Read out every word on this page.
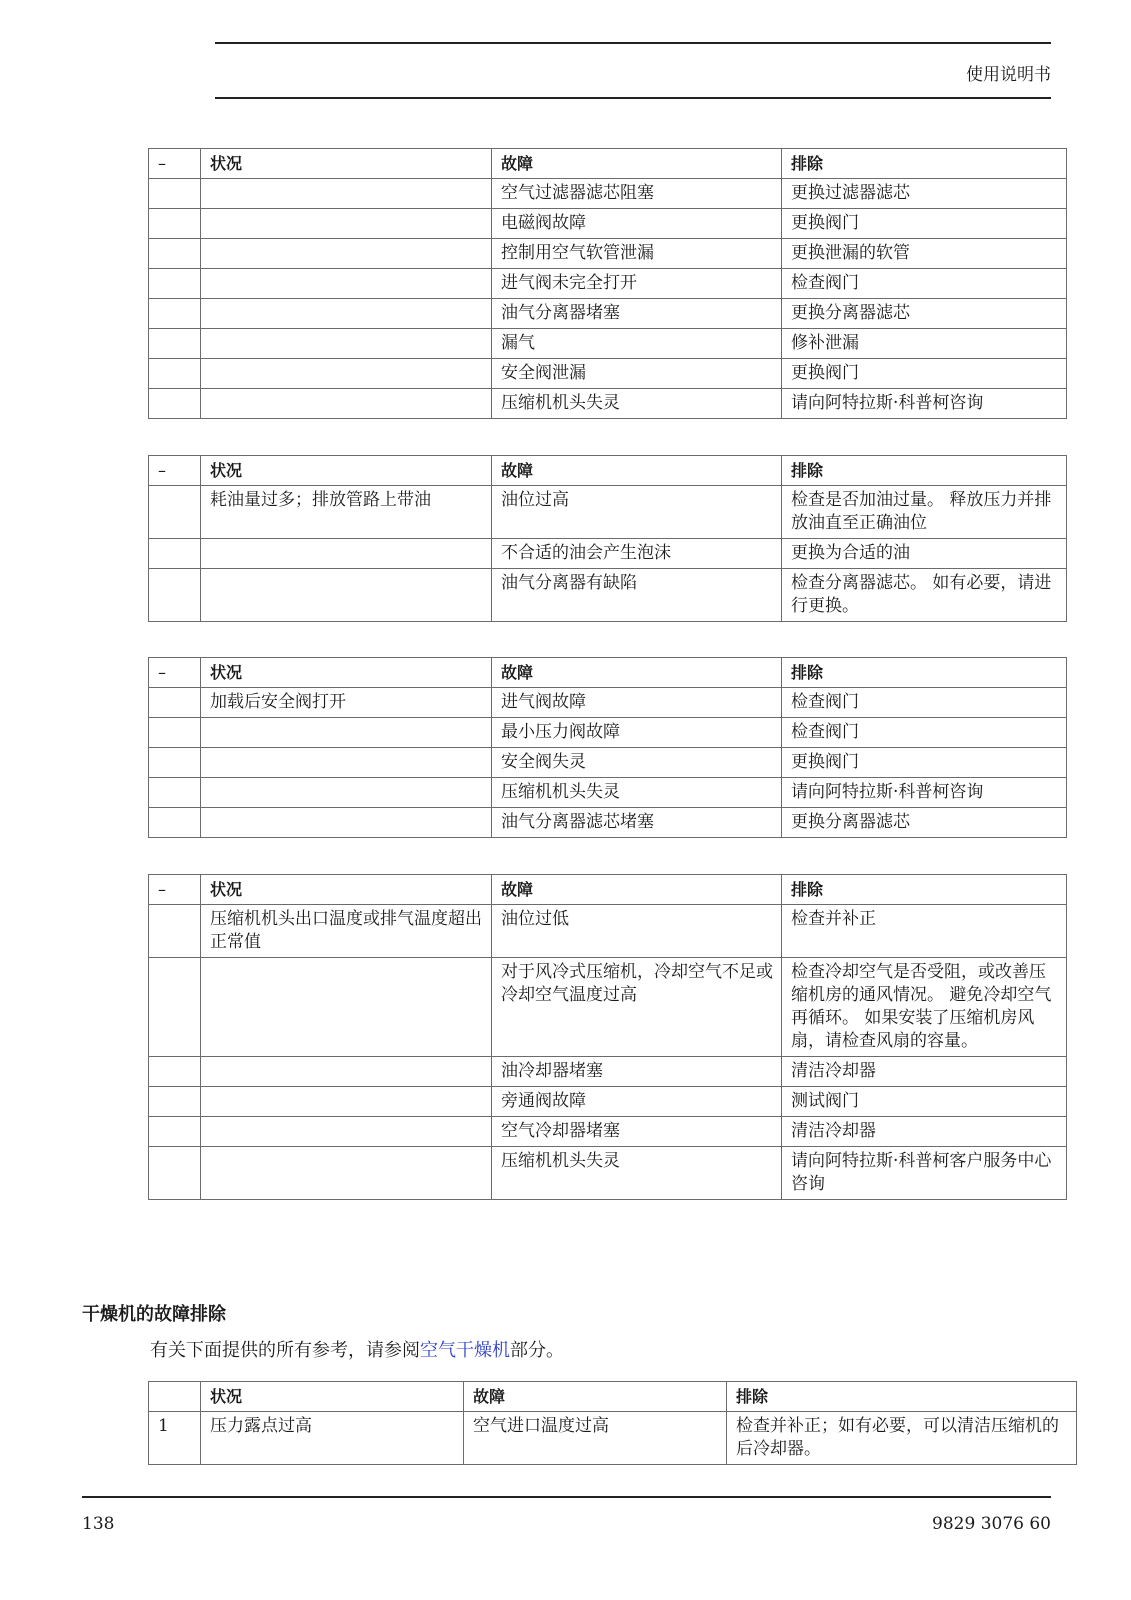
使用说明书
–	状况	故障	排除
		空气过滤器滤芯阻塞	更换过滤器滤芯
		电磁阀故障	更换阀门
		控制用空气软管泄漏	更换泄漏的软管
		进气阀未完全打开	检查阀门
		油气分离器堵塞	更换分离器滤芯
		漏气	修补泄漏
		安全阀泄漏	更换阀门
		压缩机机头失灵	请向阿特拉斯·科普柯咨询
–	状况	故障	排除
	耗油量过多；排放管路上带油	油位过高	检查是否加油过量。 释放压力并排放油直至正确油位
		不合适的油会产生泡沫	更换为合适的油
		油气分离器有缺陷	检查分离器滤芯。 如有必要，请进行更换。
–	状况	故障	排除
	加载后安全阀打开	进气阀故障	检查阀门
		最小压力阀故障	检查阀门
		安全阀失灵	更换阀门
		压缩机机头失灵	请向阿特拉斯·科普柯咨询
		油气分离器滤芯堵塞	更换分离器滤芯
–	状况	故障	排除
	压缩机机头出口温度或排气温度超出正常值	油位过低	检查并补正
		对于风冷式压缩机，冷却空气不足或冷却空气温度过高	检查冷却空气是否受阻，或改善压缩机房的通风情况。 避免冷却空气再循环。 如果安装了压缩机房风扇，请检查风扇的容量。
		油冷却器堵塞	清洁冷却器
		旁通阀故障	测试阀门
		空气冷却器堵塞	清洁冷却器
		压缩机机头失灵	请向阿特拉斯·科普柯客户服务中心咨询
干燥机的故障排除
有关下面提供的所有参考，请参阅空气干燥机部分。
	状况	故障	排除
1	压力露点过高	空气进口温度过高	检查并补正；如有必要，可以清洁压缩机的后冷却器。
138	9829 3076 60
